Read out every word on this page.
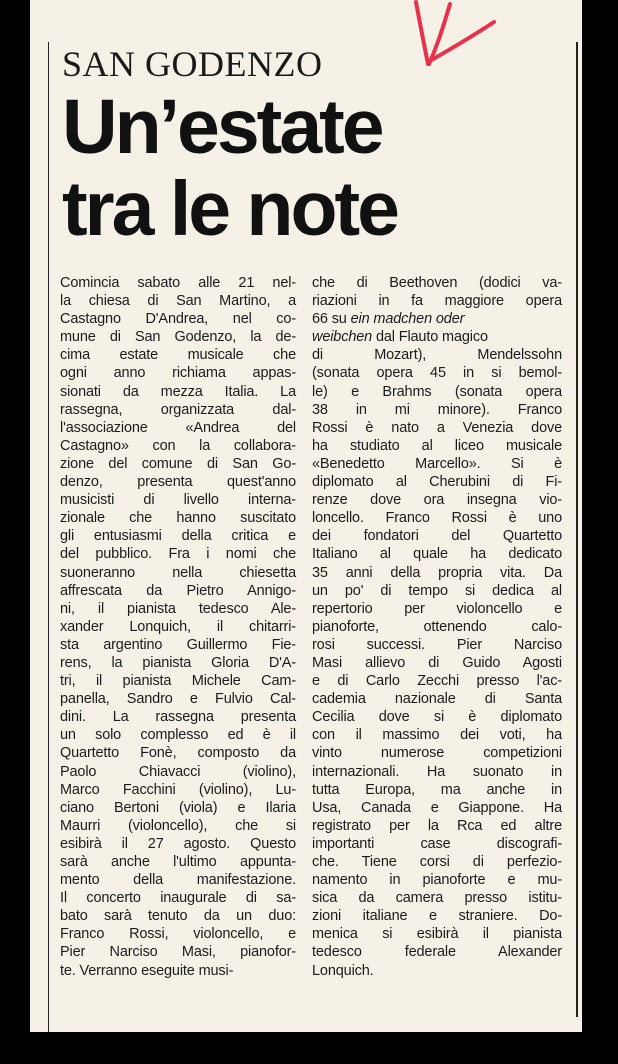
SAN GODENZO
Un’estate
tra le note
Comincia sabato alle 21 nel-
la chiesa di San Martino, a
Castagno D'Andrea, nel co-
mune di San Godenzo, la de-
cima estate musicale che
ogni anno richiama appas-
sionati da mezza Italia. La
rassegna, organizzata dal-
l'associazione «Andrea del
Castagno» con la collabora-
zione del comune di San Go-
denzo, presenta quest'anno
musicisti di livello interna-
zionale che hanno suscitato
gli entusiasmi della critica e
del pubblico. Fra i nomi che
suoneranno nella chiesetta
affrescata da Pietro Annigo-
ni, il pianista tedesco Ale-
xander Lonquich, il chitarri-
sta argentino Guillermo Fie-
rens, la pianista Gloria D'A-
tri, il pianista Michele Cam-
panella, Sandro e Fulvio Cal-
dini. La rassegna presenta
un solo complesso ed è il
Quartetto Fonè, composto da
Paolo Chiavacci (violino),
Marco Facchini (violino), Lu-
ciano Bertoni (viola) e Ilaria
Maurri (violoncello), che si
esibirà il 27 agosto. Questo
sarà anche l'ultimo appunta-
mento della manifestazione.
Il concerto inaugurale di sa-
bato sarà tenuto da un duo:
Franco Rossi, violoncello, e
Pier Narciso Masi, pianofor-
te. Verranno eseguite musi-
che di Beethoven (dodici va-
riazioni in fa maggiore opera
66 su ein madchen oder
weibchen dal Flauto magico
di Mozart), Mendelssohn
(sonata opera 45 in si bemol-
le) e Brahms (sonata opera
38 in mi minore). Franco
Rossi è nato a Venezia dove
ha studiato al liceo musicale
«Benedetto Marcello». Si è
diplomato al Cherubini di Fi-
renze dove ora insegna vio-
loncello. Franco Rossi è uno
dei fondatori del Quartetto
Italiano al quale ha dedicato
35 anni della propria vita. Da
un po' di tempo si dedica al
repertorio per violoncello e
pianoforte, ottenendo calo-
rosi successi. Pier Narciso
Masi allievo di Guido Agosti
e di Carlo Zecchi presso l'ac-
cademia nazionale di Santa
Cecilia dove si è diplomato
con il massimo dei voti, ha
vinto numerose competizioni
internazionali. Ha suonato in
tutta Europa, ma anche in
Usa, Canada e Giappone. Ha
registrato per la Rca ed altre
importanti case discografi-
che. Tiene corsi di perfezio-
namento in pianoforte e mu-
sica da camera presso istitu-
zioni italiane e straniere. Do-
menica si esibirà il pianista
tedesco federale Alexander
Lonquich.
